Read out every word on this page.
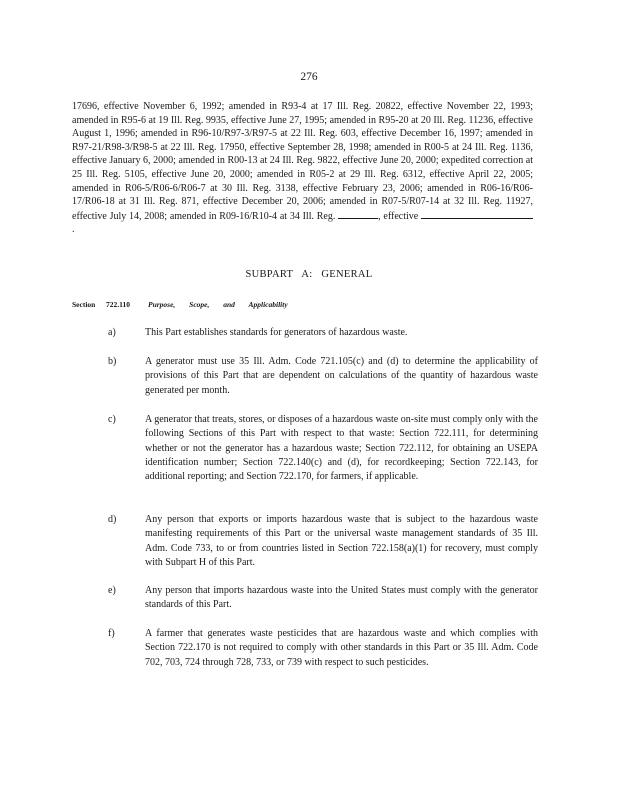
276

17696, effective November 6, 1992; amended in R93-4 at 17 Ill. Reg. 20822, effective November 22, 1993; amended in R95-6 at 19 Ill. Reg. 9935, effective June 27, 1995; amended in R95-20 at 20 Ill. Reg. 11236, effective August 1, 1996; amended in R96-10/R97-3/R97-5 at 22 Ill. Reg. 603, effective December 16, 1997; amended in R97-21/R98-3/R98-5 at 22 Ill. Reg. 17950, effective September 28, 1998; amended in R00-5 at 24 Ill. Reg. 1136, effective January 6, 2000; amended in R00-13 at 24 Ill. Reg. 9822, effective June 20, 2000; expedited correction at 25 Ill. Reg. 5105, effective June 20, 2000; amended in R05-2 at 29 Ill. Reg. 6312, effective April 22, 2005; amended in R06-5/R06-6/R06-7 at 30 Ill. Reg. 3138, effective February 23, 2006; amended in R06-16/R06-17/R06-18 at 31 Ill. Reg. 871, effective December 20, 2006; amended in R07-5/R07-14 at 32 Ill. Reg. 11927, effective July 14, 2008; amended in R09-16/R10-4 at 34 Ill. Reg.	, effective  .

SUBPART A: GENERAL
Section 722.110 Purpose, Scope, and Applicability
a)	This Part establishes standards for generators of hazardous waste.

b)	A generator must use 35 Ill. Adm. Code 721.105(c) and (d) to determine the applicability of provisions of this Part that are dependent on calculations of the quantity of hazardous waste generated per month.

c)	A generator that treats, stores, or disposes of a hazardous waste on-site must comply only with the following Sections of this Part with respect to that waste: Section 722.111, for determining whether or not the generator has a hazardous waste; Section 722.112, for obtaining an USEPA identification number; Section 722.140(c) and (d), for recordkeeping; Section 722.143, for additional reporting; and Section 722.170, for farmers, if applicable.

d)	Any person that exports or imports hazardous waste that is subject to the hazardous waste manifesting requirements of this Part or the universal waste management standards of 35 Ill. Adm. Code 733, to or from countries listed in Section 722.158(a)(1) for recovery, must comply with Subpart H of this Part.

e)	Any person that imports hazardous waste into the United States must comply with the generator standards of this Part.

f)	A farmer that generates waste pesticides that are hazardous waste and which complies with Section 722.170 is not required to comply with other standards in this Part or 35 Ill. Adm. Code 702, 703, 724 through 728, 733, or 739 with respect to such pesticides.
